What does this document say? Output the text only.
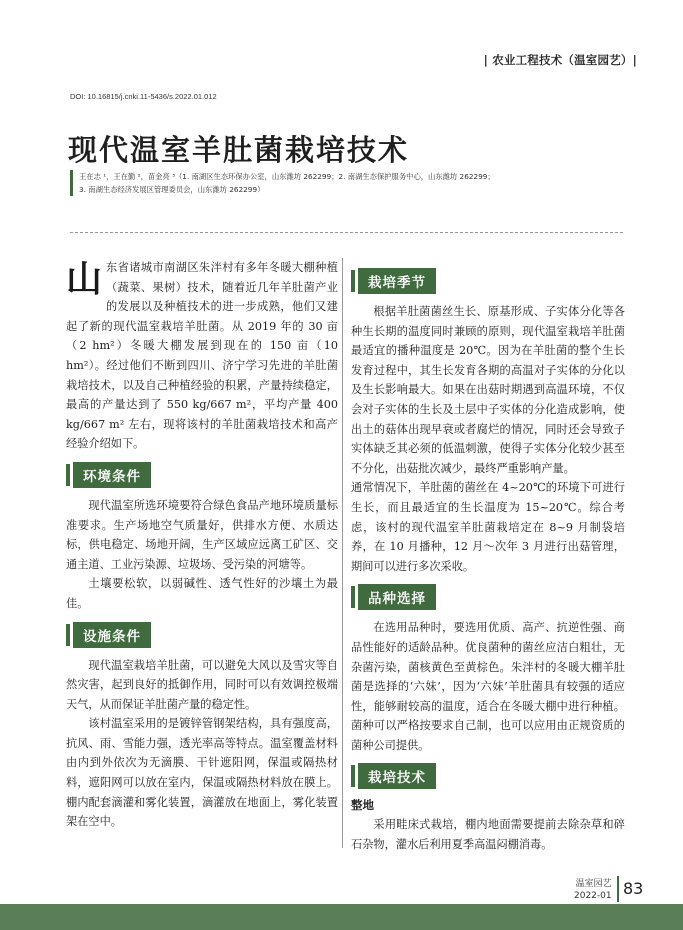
| 农业工程技术（温室园艺）|
DOI: 10.16815/j.cnki.11-5436/s.2022.01.012
现代温室羊肚菌栽培技术
王在志 ¹，王在勤 ²，苗金亮 ³（1. 南湖区生态环保办公室，山东潍坊 262299；2. 南湖生态保护服务中心，山东潍坊 262299；
3. 南湖生态经济发展区管理委员会，山东潍坊 262299）
山 东省诸城市南湖区朱泮村有多年冬暖大棚种植（蔬菜、果树）技术，随着近几年羊肚菌产业的发展以及种植技术的进一步成熟，他们又建起了新的现代温室栽培羊肚菌。从 2019 年的 30 亩（2 hm²）冬暖大棚发展到现在的 150 亩（10 hm²）。经过他们不断到四川、济宁学习先进的羊肚菌栽培技术，以及自己种植经验的积累，产量持续稳定，最高的产量达到了 550 kg/667 m²，平均产量 400 kg/667 m² 左右，现将该村的羊肚菌栽培技术和高产经验介绍如下。

环境条件

现代温室所选环境要符合绿色食品产地环境质量标准要求。生产场地空气质量好，供排水方便、水质达标，供电稳定、场地开阔，生产区域应远离工矿区、交通主道、工业污染源、垃圾场、受污染的河塘等。

土壤要松软，以弱碱性、透气性好的沙壤土为最佳。

设施条件

现代温室栽培羊肚菌，可以避免大风以及雪灾等自然灾害，起到良好的抵御作用，同时可以有效调控极端天气，从而保证羊肚菌产量的稳定性。

该村温室采用的是镀锌管钢架结构，具有强度高，抗风、雨、雪能力强，透光率高等特点。温室覆盖材料由内到外依次为无滴膜、干针遮阳网，保温或隔热材料，遮阳网可以放在室内，保温或隔热材料放在膜上。棚内配套滴灌和雾化装置，滴灌放在地面上，雾化装置架在空中。

栽培季节

根据羊肚菌菌丝生长、原基形成、子实体分化等各种生长期的温度同时兼顾的原则，现代温室栽培羊肚菌最适宜的播种温度是 20℃。因为在羊肚菌的整个生长发育过程中，其生长发育各期的高温对子实体的分化以及生长影响最大。如果在出菇时期遇到高温环境，不仅会对子实体的生长及土层中子实体的分化造成影响，使出土的菇体出现早衰或者腐烂的情况，同时还会导致子实体缺乏其必须的低温刺激，使得子实体分化较少甚至不分化，出菇批次减少，最终严重影响产量。

通常情况下，羊肚菌的菌丝在 4~20℃的环境下可进行生长，而且最适宜的生长温度为 15~20℃。综合考虑，该村的现代温室羊肚菌栽培定在 8~9 月制袋培养，在 10 月播种，12 月～次年 3 月进行出菇管理，期间可以进行多次采收。

品种选择

在选用品种时，要选用优质、高产、抗逆性强、商品性能好的适龄品种。优良菌种的菌丝应洁白粗壮，无杂菌污染，菌核黄色至黄棕色。朱泮村的冬暖大棚羊肚菌是选择的‘六妹’，因为‘六妹’羊肚菌具有较强的适应性，能够耐较高的温度，适合在冬暖大棚中进行种植。菌种可以严格按要求自己制，也可以应用由正规资质的菌种公司提供。

栽培技术
整地

采用畦床式栽培，棚内地面需要提前去除杂草和碎石杂物，灌水后利用夏季高温闷棚消毒。

温室园艺
2022-01 83
